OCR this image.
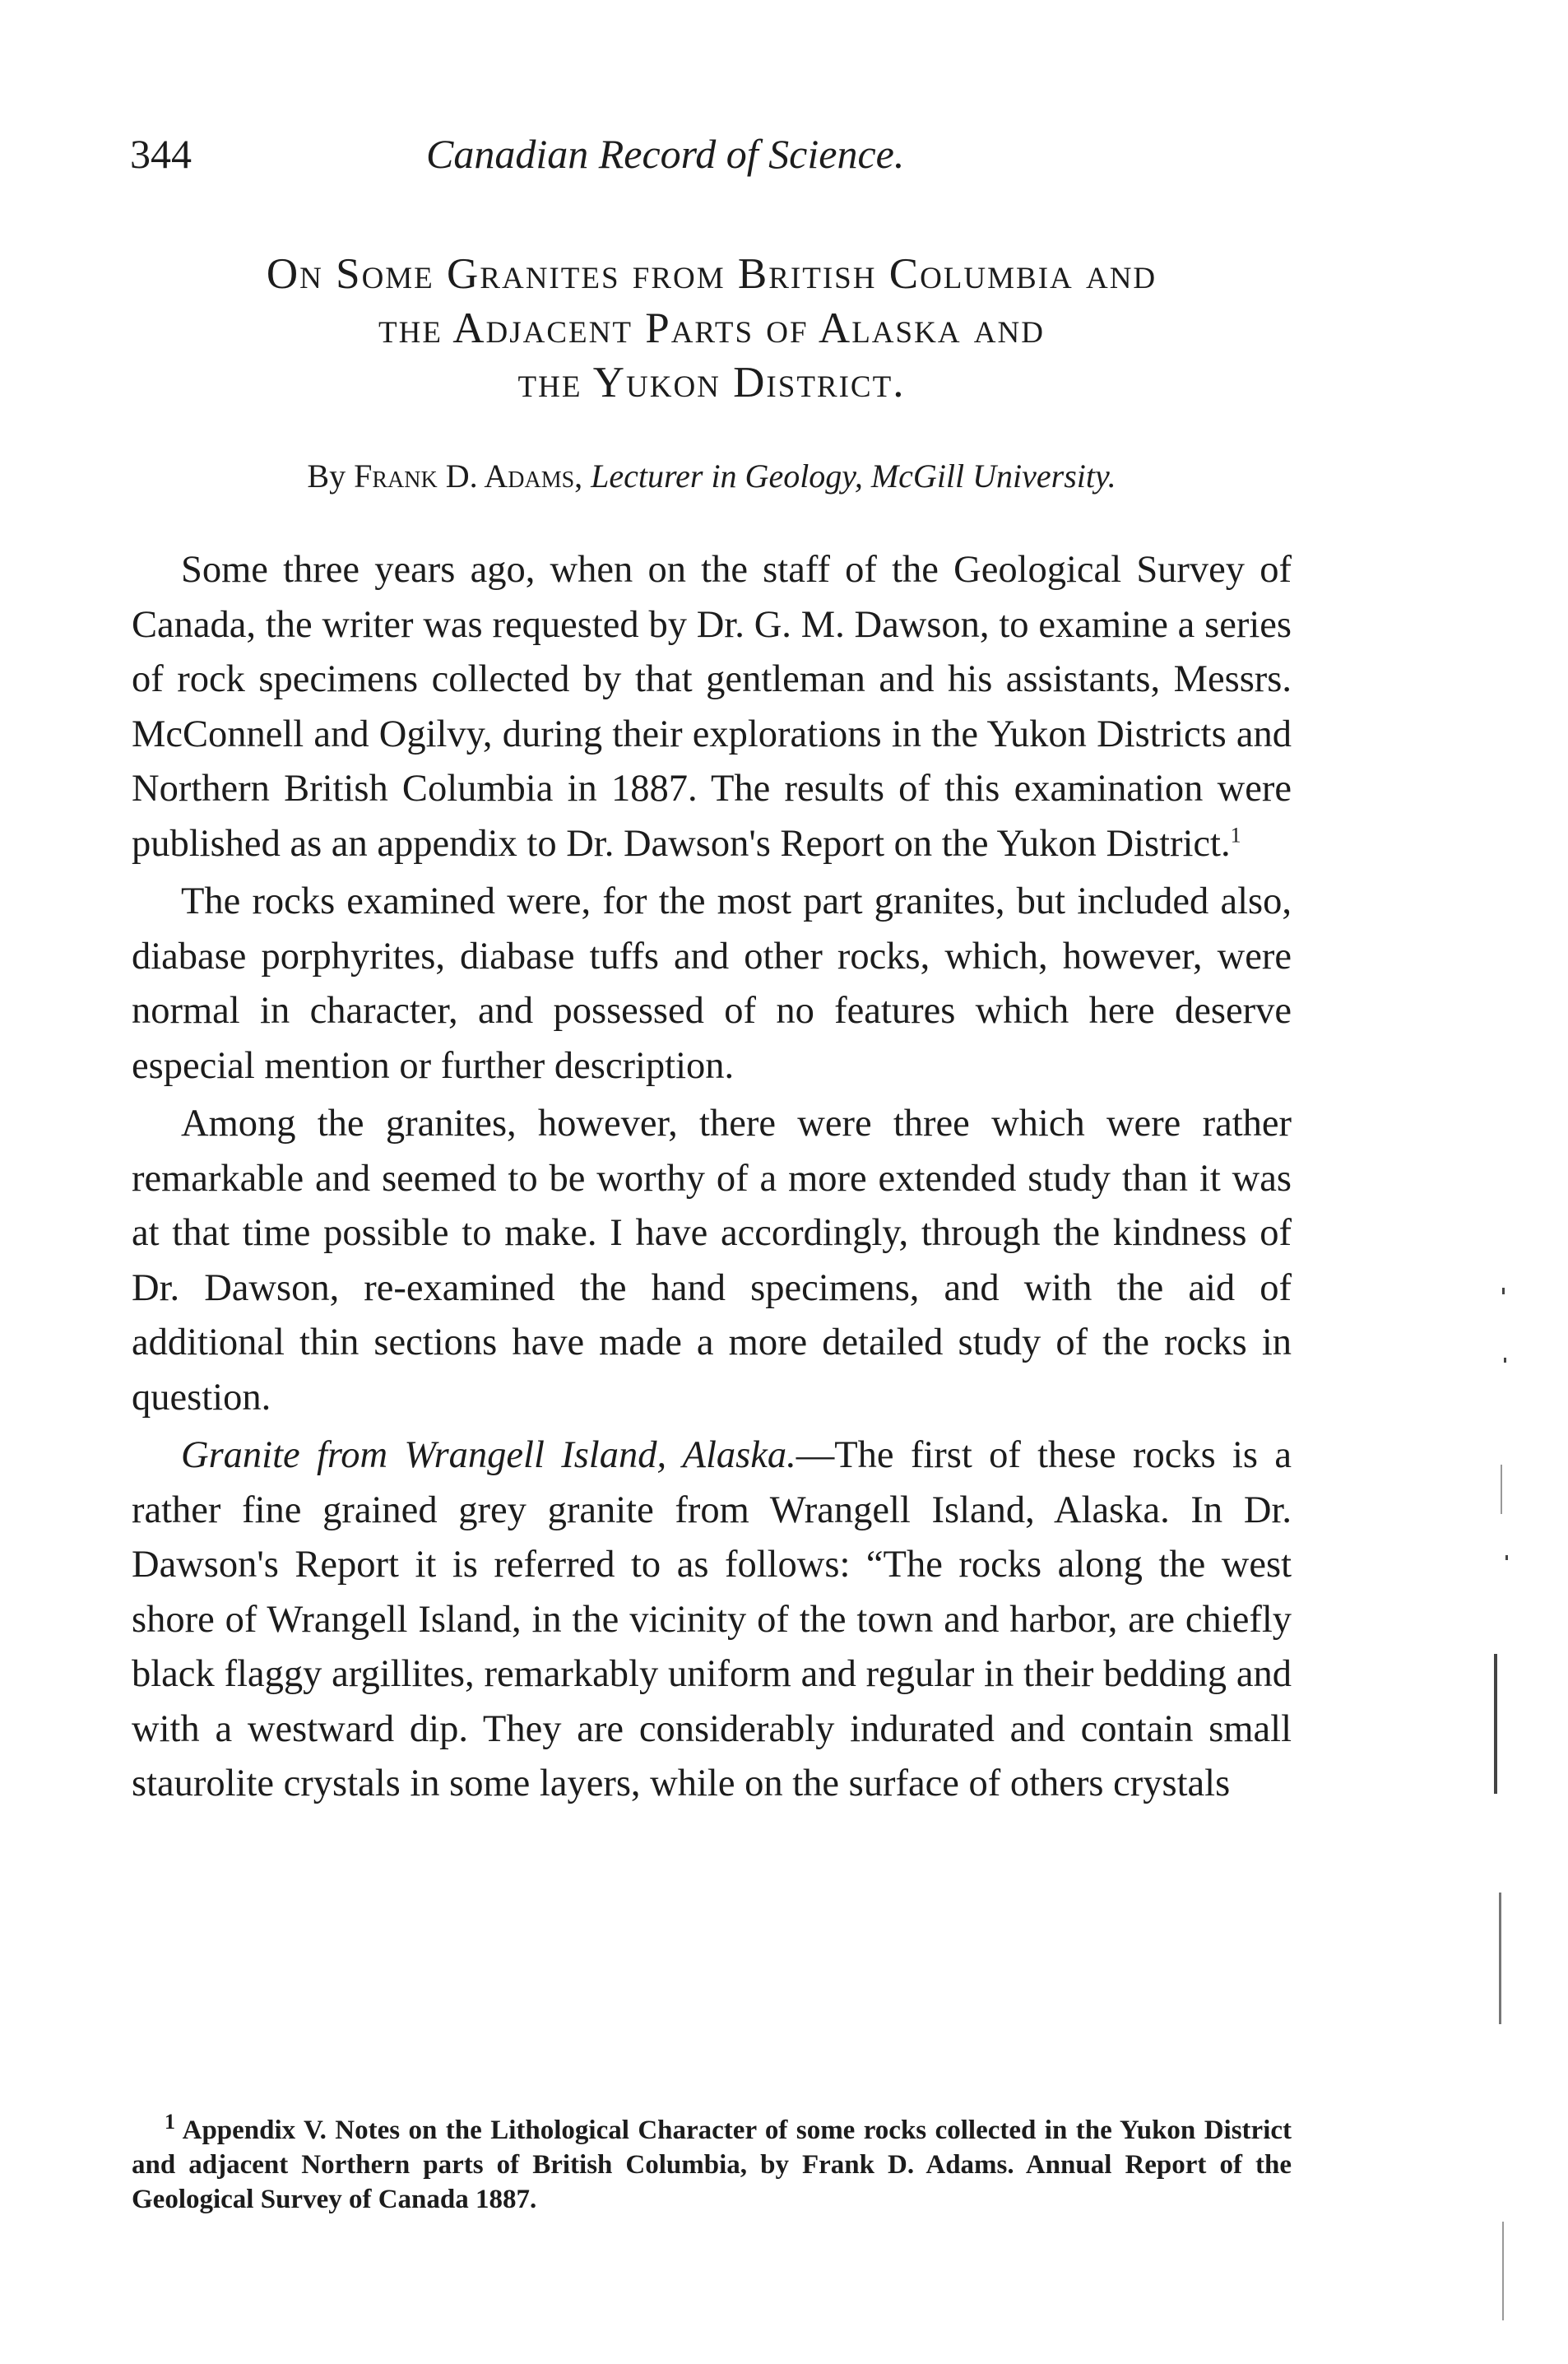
344	Canadian Record of Science.
On Some Granites from British Columbia and
the Adjacent Parts of Alaska and
the Yukon District.
By Frank D. Adams, Lecturer in Geology, McGill University.

Some three years ago, when on the staff of the Geological Survey of Canada, the writer was requested by Dr. G. M. Dawson, to examine a series of rock specimens collected by that gentleman and his assistants, Messrs. McConnell and Ogilvy, during their explorations in the Yukon Districts and Northern British Columbia in 1887. The results of this examination were published as an appendix to Dr. Dawson's Report on the Yukon District.$^1$

The rocks examined were, for the most part granites, but included also, diabase porphyrites, diabase tuffs and other rocks, which, however, were normal in character, and possessed of no features which here deserve especial mention or further description.

Among the granites, however, there were three which were rather remarkable and seemed to be worthy of a more extended study than it was at that time possible to make. I have accordingly, through the kindness of Dr. Dawson, re-examined the hand specimens, and with the aid of additional thin sections have made a more detailed study of the rocks in question.

Granite from Wrangell Island, Alaska.—The first of these rocks is a rather fine grained grey granite from Wrangell Island, Alaska. In Dr. Dawson's Report it is referred to as follows: “The rocks along the west shore of Wrangell Island, in the vicinity of the town and harbor, are chiefly black flaggy argillites, remarkably uniform and regular in their bedding and with a westward dip. They are considerably indurated and contain small staurolite crystals in some layers, while on the surface of others crystals

$^1$ Appendix V. Notes on the Lithological Character of some rocks collected in the Yukon District and adjacent Northern parts of British Columbia, by Frank D. Adams. Annual Report of the Geological Survey of Canada 1887.
